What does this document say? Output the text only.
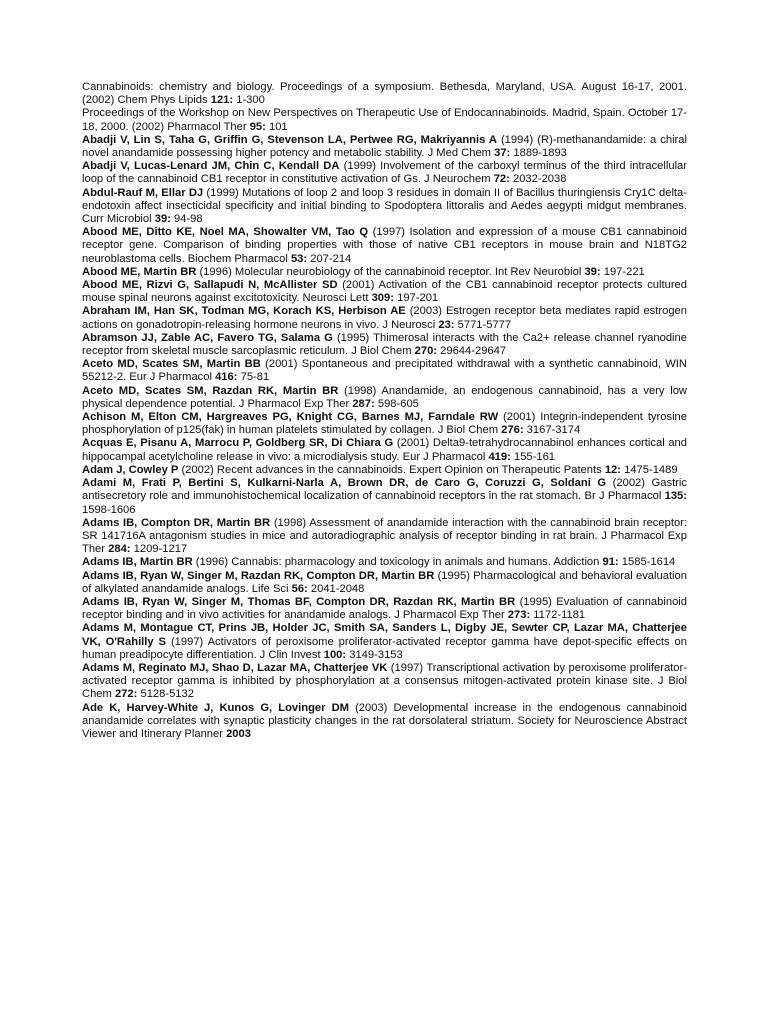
Cannabinoids: chemistry and biology. Proceedings of a symposium. Bethesda, Maryland, USA. August 16-17, 2001. (2002) Chem Phys Lipids 121: 1-300

Proceedings of the Workshop on New Perspectives on Therapeutic Use of Endocannabinoids. Madrid, Spain. October 17-18, 2000. (2002) Pharmacol Ther 95: 101

Abadji V, Lin S, Taha G, Griffin G, Stevenson LA, Pertwee RG, Makriyannis A (1994) (R)-methanandamide: a chiral novel anandamide possessing higher potency and metabolic stability. J Med Chem 37: 1889-1893

Abadji V, Lucas-Lenard JM, Chin C, Kendall DA (1999) Involvement of the carboxyl terminus of the third intracellular loop of the cannabinoid CB1 receptor in constitutive activation of Gs. J Neurochem 72: 2032-2038

Abdul-Rauf M, Ellar DJ (1999) Mutations of loop 2 and loop 3 residues in domain II of Bacillus thuringiensis Cry1C delta-endotoxin affect insecticidal specificity and initial binding to Spodoptera littoralis and Aedes aegypti midgut membranes. Curr Microbiol 39: 94-98

Abood ME, Ditto KE, Noel MA, Showalter VM, Tao Q (1997) Isolation and expression of a mouse CB1 cannabinoid receptor gene. Comparison of binding properties with those of native CB1 receptors in mouse brain and N18TG2 neuroblastoma cells. Biochem Pharmacol 53: 207-214

Abood ME, Martin BR (1996) Molecular neurobiology of the cannabinoid receptor. Int Rev Neurobiol 39: 197-221

Abood ME, Rizvi G, Sallapudi N, McAllister SD (2001) Activation of the CB1 cannabinoid receptor protects cultured mouse spinal neurons against excitotoxicity. Neurosci Lett 309: 197-201

Abraham IM, Han SK, Todman MG, Korach KS, Herbison AE (2003) Estrogen receptor beta mediates rapid estrogen actions on gonadotropin-releasing hormone neurons in vivo. J Neurosci 23: 5771-5777

Abramson JJ, Zable AC, Favero TG, Salama G (1995) Thimerosal interacts with the Ca2+ release channel ryanodine receptor from skeletal muscle sarcoplasmic reticulum. J Biol Chem 270: 29644-29647

Aceto MD, Scates SM, Martin BB (2001) Spontaneous and precipitated withdrawal with a synthetic cannabinoid, WIN 55212-2. Eur J Pharmacol 416: 75-81

Aceto MD, Scates SM, Razdan RK, Martin BR (1998) Anandamide, an endogenous cannabinoid, has a very low physical dependence potential. J Pharmacol Exp Ther 287: 598-605

Achison M, Elton CM, Hargreaves PG, Knight CG, Barnes MJ, Farndale RW (2001) Integrin-independent tyrosine phosphorylation of p125(fak) in human platelets stimulated by collagen. J Biol Chem 276: 3167-3174

Acquas E, Pisanu A, Marrocu P, Goldberg SR, Di Chiara G (2001) Delta9-tetrahydrocannabinol enhances cortical and hippocampal acetylcholine release in vivo: a microdialysis study. Eur J Pharmacol 419: 155-161

Adam J, Cowley P (2002) Recent advances in the cannabinoids. Expert Opinion on Therapeutic Patents 12: 1475-1489

Adami M, Frati P, Bertini S, Kulkarni-Narla A, Brown DR, de Caro G, Coruzzi G, Soldani G (2002) Gastric antisecretory role and immunohistochemical localization of cannabinoid receptors in the rat stomach. Br J Pharmacol 135: 1598-1606

Adams IB, Compton DR, Martin BR (1998) Assessment of anandamide interaction with the cannabinoid brain receptor: SR 141716A antagonism studies in mice and autoradiographic analysis of receptor binding in rat brain. J Pharmacol Exp Ther 284: 1209-1217

Adams IB, Martin BR (1996) Cannabis: pharmacology and toxicology in animals and humans. Addiction 91: 1585-1614

Adams IB, Ryan W, Singer M, Razdan RK, Compton DR, Martin BR (1995) Pharmacological and behavioral evaluation of alkylated anandamide analogs. Life Sci 56: 2041-2048

Adams IB, Ryan W, Singer M, Thomas BF, Compton DR, Razdan RK, Martin BR (1995) Evaluation of cannabinoid receptor binding and in vivo activities for anandamide analogs. J Pharmacol Exp Ther 273: 1172-1181

Adams M, Montague CT, Prins JB, Holder JC, Smith SA, Sanders L, Digby JE, Sewter CP, Lazar MA, Chatterjee VK, O'Rahilly S (1997) Activators of peroxisome proliferator-activated receptor gamma have depot-specific effects on human preadipocyte differentiation. J Clin Invest 100: 3149-3153

Adams M, Reginato MJ, Shao D, Lazar MA, Chatterjee VK (1997) Transcriptional activation by peroxisome proliferator-activated receptor gamma is inhibited by phosphorylation at a consensus mitogen-activated protein kinase site. J Biol Chem 272: 5128-5132

Ade K, Harvey-White J, Kunos G, Lovinger DM (2003) Developmental increase in the endogenous cannabinoid anandamide correlates with synaptic plasticity changes in the rat dorsolateral striatum. Society for Neuroscience Abstract Viewer and Itinerary Planner 2003
